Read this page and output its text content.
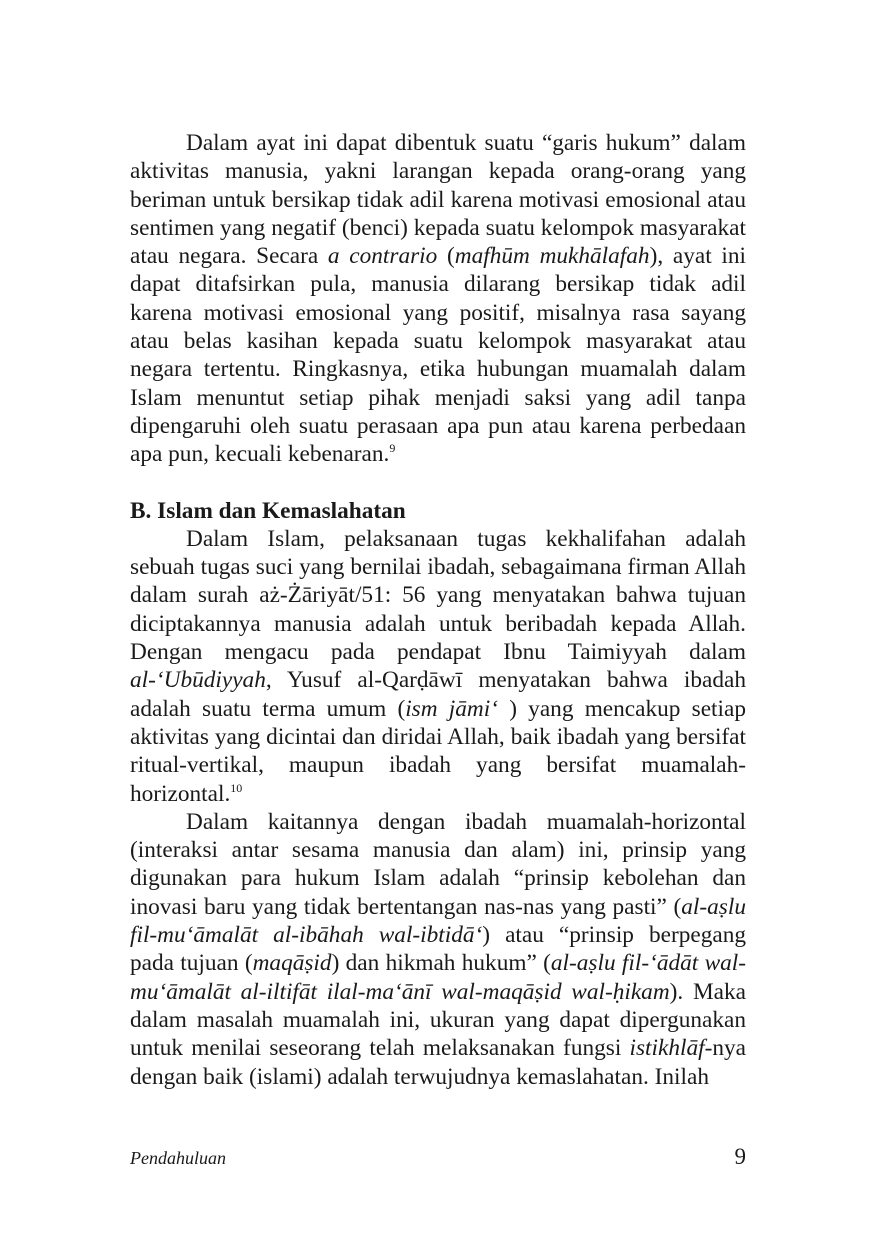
Dalam ayat ini dapat dibentuk suatu “garis hukum” dalam aktivitas manusia, yakni larangan kepada orang-orang yang beriman untuk bersikap tidak adil karena motivasi emosional atau sentimen yang negatif (benci) kepada suatu kelompok masyarakat atau negara. Secara a contrario (mafhūm mukhālafah), ayat ini dapat ditafsirkan pula, manusia dilarang bersikap tidak adil karena motivasi emosional yang positif, misalnya rasa sayang atau belas kasihan kepada suatu kelompok masyarakat atau negara tertentu. Ringkasnya, etika hubungan muamalah dalam Islam menuntut setiap pihak menjadi saksi yang adil tanpa dipengaruhi oleh suatu perasaan apa pun atau karena perbedaan apa pun, kecuali kebenaran.$^9$

B. Islam dan Kemaslahatan

Dalam Islam, pelaksanaan tugas kekhalifahan adalah sebuah tugas suci yang bernilai ibadah, sebagaimana firman Allah dalam surah aż-Żāriyāt/51: 56 yang menyatakan bahwa tujuan diciptakannya manusia adalah untuk beribadah kepada Allah. Dengan mengacu pada pendapat Ibnu Taimiyyah dalam al-‘Ubūdiyyah, Yusuf al-Qarḍāwī menyatakan bahwa ibadah adalah suatu terma umum (ism jāmi‘ ) yang mencakup setiap aktivitas yang dicintai dan diridai Allah, baik ibadah yang bersifat ritual-vertikal, maupun ibadah yang bersifat muamalah-horizontal.$^{10}$

Dalam kaitannya dengan ibadah muamalah-horizontal (interaksi antar sesama manusia dan alam) ini, prinsip yang digunakan para hukum Islam adalah “prinsip kebolehan dan inovasi baru yang tidak bertentangan nas-nas yang pasti” (al-aṣlu fil-mu‘āmalāt al-ibāhah wal-ibtidā‘) atau “prinsip berpegang pada tujuan (maqāṣid) dan hikmah hukum” (al-aṣlu fil-‘ādāt wal-mu‘āmalāt al-iltifāt ilal-ma‘ānī wal-maqāṣid wal-ḥikam). Maka dalam masalah muamalah ini, ukuran yang dapat dipergunakan untuk menilai seseorang telah melaksanakan fungsi istikhlāf-nya dengan baik (islami) adalah terwujudnya kemaslahatan. Inilah

Pendahuluan	9
